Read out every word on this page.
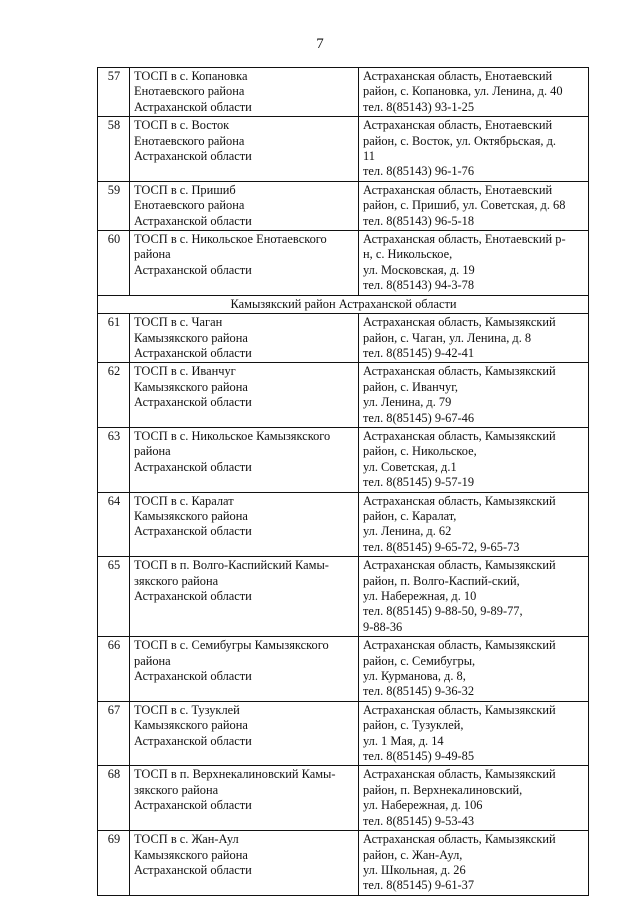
7
57	ТОСП в с. Копановка
Енотаевского района
Астраханской области	Астраханская область, Енотаевский
район, с. Копановка, ул. Ленина, д. 40
тел. 8(85143) 93-1-25

58	ТОСП в с. Восток
Енотаевского района
Астраханской области	Астраханская область, Енотаевский
район, с. Восток, ул. Октябрьская, д.
11
тел. 8(85143) 96-1-76

59	ТОСП в с. Пришиб
Енотаевского района
Астраханской области	Астраханская область, Енотаевский
район, с. Пришиб, ул. Советская, д. 68
тел. 8(85143) 96-5-18

60	ТОСП в с. Никольское Енотаевского
района
Астраханской области	Астраханская область, Енотаевский р-
н, с. Никольское,
ул. Московская, д. 19
тел. 8(85143) 94-3-78

Камызякский район Астраханской области		
61	ТОСП в с. Чаган
Камызякского района
Астраханской области	Астраханская область, Камызякский
район, с. Чаган, ул. Ленина, д. 8
тел. 8(85145) 9-42-41

62	ТОСП в с. Иванчуг
Камызякского района
Астраханской области	Астраханская область, Камызякский
район, с. Иванчуг,
ул. Ленина, д. 79
тел. 8(85145) 9-67-46

63	ТОСП в с. Никольское Камызякского
района
Астраханской области	Астраханская область, Камызякский
район, с. Никольское,
ул. Советская, д.1
тел. 8(85145) 9-57-19

64	ТОСП в с. Каралат
Камызякского района
Астраханской области	Астраханская область, Камызякский
район, с. Каралат,
ул. Ленина, д. 62
тел. 8(85145) 9-65-72, 9-65-73

65	ТОСП в п. Волго-Каспийский Камы-
зякского района
Астраханской области	Астраханская область, Камызякский
район, п. Волго-Каспий-ский,
ул. Набережная, д. 10
тел. 8(85145) 9-88-50, 9-89-77,
9-88-36

66	ТОСП в с. Семибугры Камызякского
района
Астраханской области	Астраханская область, Камызякский
район, с. Семибугры,
ул. Курманова, д. 8,
тел. 8(85145) 9-36-32

67	ТОСП в с. Тузуклей
Камызякского района
Астраханской области	Астраханская область, Камызякский
район, с. Тузуклей,
ул. 1 Мая, д. 14
тел. 8(85145) 9-49-85

68	ТОСП в п. Верхнекалиновский Камы-
зякского района
Астраханской области	Астраханская область, Камызякский
район, п. Верхнекалиновский,
ул. Набережная, д. 106
тел. 8(85145) 9-53-43

69	ТОСП в с. Жан-Аул
Камызякского района
Астраханской области	Астраханская область, Камызякский
район, с. Жан-Аул,
ул. Школьная, д. 26
тел. 8(85145) 9-61-37
